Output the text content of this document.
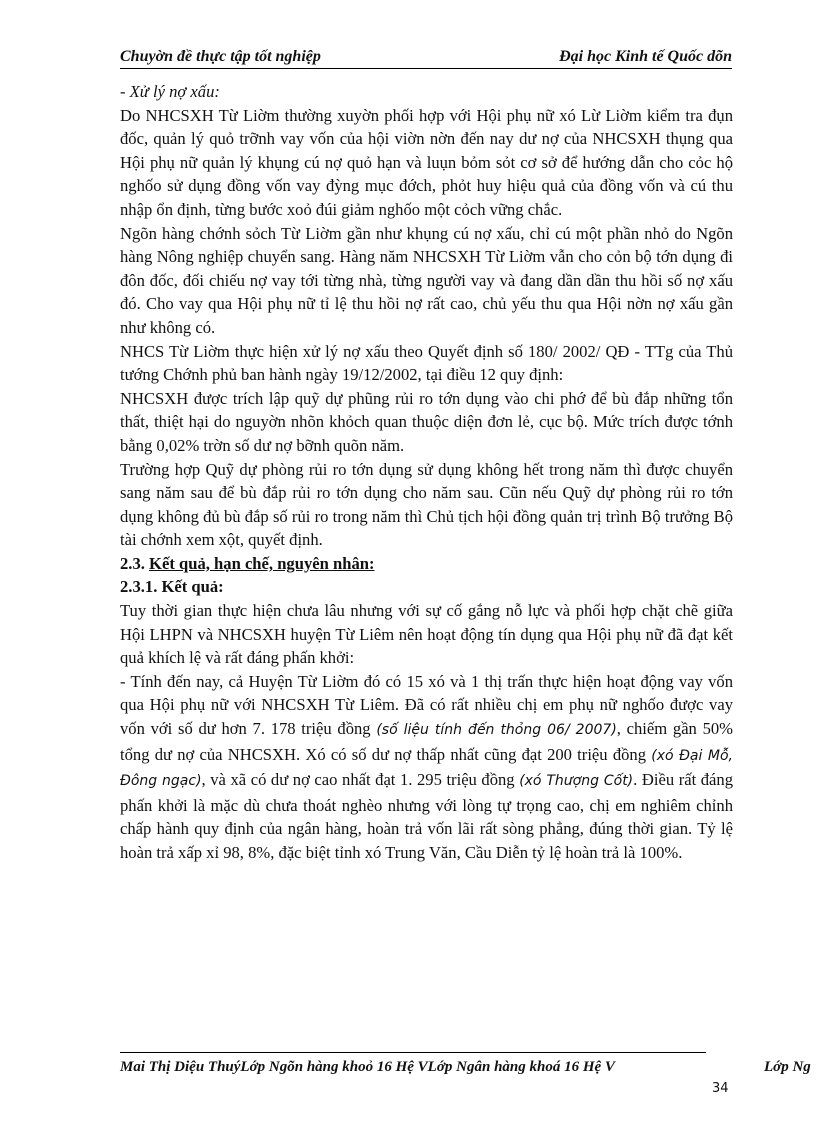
Chuyờn đề thực tập tốt nghiệp	Đại học Kinh tế Quốc dõn

- Xử lý nợ xấu:

Do NHCSXH Từ Liờm thường xuyờn phối hợp với Hội phụ nữ xó Lừ Liờm kiểm tra đụn đốc, quản lý quỏ trỡnh vay vốn của hội viờn nờn đến nay dư nợ của NHCSXH thụng qua Hội phụ nữ quản lý khụng cú nợ quỏ hạn và luụn bỏm sỏt cơ sở để hướng dẫn cho cỏc hộ nghốo sử dụng đồng vốn vay đỳng mục đớch, phỏt huy hiệu quả của đồng vốn và cú thu nhập ổn định, từng bước xoỏ đúi giảm nghốo một cỏch vững chắc.

Ngõn hàng chớnh sỏch Từ Liờm gần như khụng cú nợ xấu, chỉ cú một phần nhỏ do Ngõn hàng Nông nghiệp chuyển sang. Hàng năm NHCSXH Từ Liờm vẫn cho cỏn bộ tớn dụng đi đôn đốc, đối chiếu nợ vay tới từng nhà, từng người vay và đang dần dần thu hồi số nợ xấu đó. Cho vay qua Hội phụ nữ tỉ lệ thu hồi nợ rất cao, chủ yếu thu qua Hội nờn nợ xấu gần như không có.

NHCS Từ Liờm thực hiện xử lý nợ xấu theo Quyết định số 180/ 2002/ QĐ - TTg của Thủ tướng Chớnh phủ ban hành ngày 19/12/2002, tại điều 12 quy định:

NHCSXH được trích lập quỹ dự phũng rủi ro tớn dụng vào chi phớ để bù đắp những tổn thất, thiệt hại do nguyờn nhõn khỏch quan thuộc diện đơn lẻ, cục bộ. Mức trích được tớnh bằng 0,02% trờn số dư nợ bỡnh quõn năm.

Trường hợp Quỹ dự phòng rủi ro tớn dụng sử dụng không hết trong năm thì được chuyển sang năm sau để bù đắp rủi ro tớn dụng cho năm sau. Cũn nếu Quỹ dự phòng rủi ro tớn dụng không đủ bù đắp số rủi ro trong năm thì Chủ tịch hội đồng quản trị trình Bộ trưởng Bộ tài chớnh xem xột, quyết định.

2.3. Kết quả, hạn chế, nguyên nhân:

2.3.1. Kết quả:

Tuy thời gian thực hiện chưa lâu nhưng với sự cố gắng nỗ lực và phối hợp chặt chẽ giữa Hội LHPN và NHCSXH huyện Từ Liêm nên hoạt động tín dụng qua Hội phụ nữ đã đạt kết quả khích lệ và rất đáng phấn khởi:

- Tính đến nay, cả Huyện Từ Liờm đó có 15 xó và 1 thị trấn thực hiện hoạt động vay vốn qua Hội phụ nữ với NHCSXH Từ Liêm. Đã có rất nhiều chị em phụ nữ nghốo được vay vốn với số dư hơn 7. 178 triệu đồng (số liệu tính đến thỏng 06/ 2007), chiếm gần 50% tổng dư nợ của NHCSXH. Xó có số dư nợ thấp nhất cũng đạt 200 triệu đồng (xó Đại Mỗ, Đông ngạc), và xã có dư nợ cao nhất đạt 1. 295 triệu đồng (xó Thượng Cốt). Điều rất đáng phấn khởi là mặc dù chưa thoát nghèo nhưng với lòng tự trọng cao, chị em nghiêm chỉnh chấp hành quy định của ngân hàng, hoàn trả vốn lãi rất sòng phẳng, đúng thời gian. Tỷ lệ hoàn trả xấp xỉ 98, 8%, đặc biệt tỉnh xó Trung Văn, Cầu Diễn tỷ lệ hoàn trả là 100%.

Mai Thị Diệu ThuýLớp Ngõn hàng khoỏ 16 Hệ VLớp Ngân hàng khoá 16 Hệ V	Lớp Ng
34
